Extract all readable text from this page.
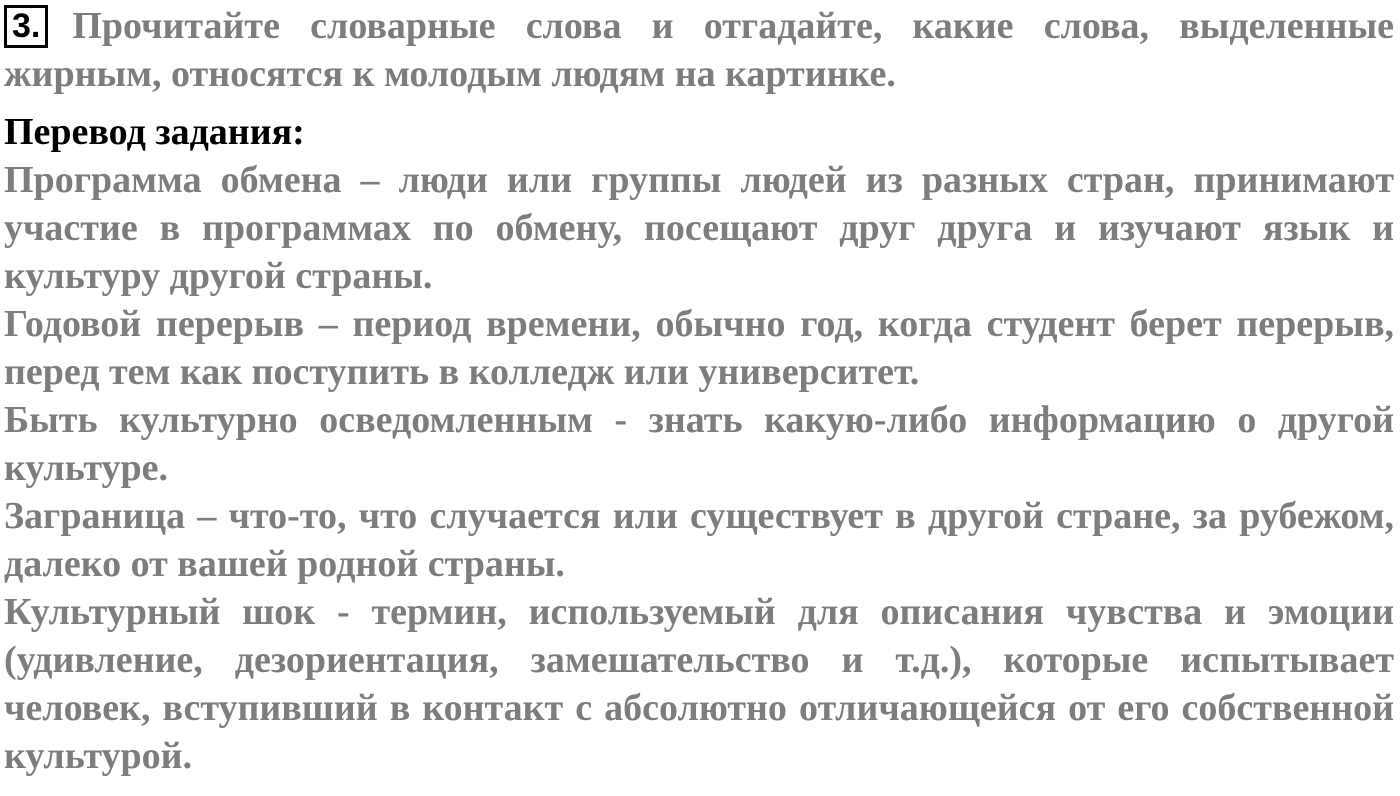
3. Прочитайте словарные слова и отгадайте, какие слова, выделенные жирным, относятся к молодым людям на картинке.

Перевод задания:

Программа обмена – люди или группы людей из разных стран, принимают участие в программах по обмену, посещают друг друга и изучают язык и культуру другой страны.

Годовой перерыв – период времени, обычно год, когда студент берет перерыв, перед тем как поступить в колледж или университет.

Быть культурно осведомленным - знать какую-либо информацию о другой культуре.

Заграница – что-то, что случается или существует в другой стране, за рубежом, далеко от вашей родной страны.

Культурный шок - термин, используемый для описания чувства и эмоции (удивление, дезориентация, замешательство и т.д.), которые испытывает человек, вступивший в контакт с абсолютно отличающейся от его собственной культурой.
